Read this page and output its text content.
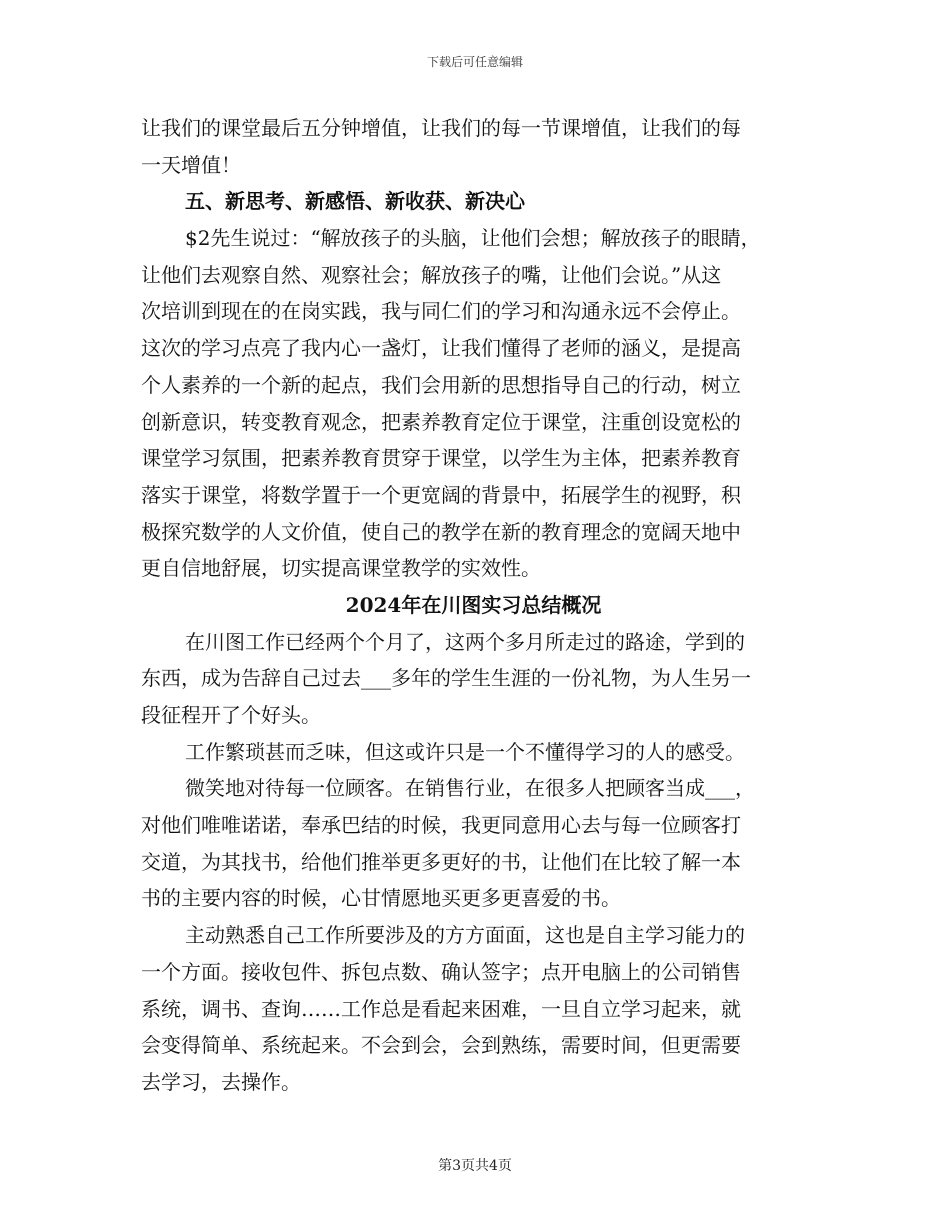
下载后可任意编辑
让我们的课堂最后五分钟增值，让我们的每一节课增值，让我们的每
一天增值！
五、新思考、新感悟、新收获、新决心
$2先生说过：“解放孩子的头脑，让他们会想；解放孩子的眼睛，
让他们去观察自然、观察社会；解放孩子的嘴，让他们会说。”从这
次培训到现在的在岗实践，我与同仁们的学习和沟通永远不会停止。
这次的学习点亮了我内心一盏灯，让我们懂得了老师的涵义，是提高
个人素养的一个新的起点，我们会用新的思想指导自己的行动，树立
创新意识，转变教育观念，把素养教育定位于课堂，注重创设宽松的
课堂学习氛围，把素养教育贯穿于课堂，以学生为主体，把素养教育
落实于课堂，将数学置于一个更宽阔的背景中，拓展学生的视野，积
极探究数学的人文价值，使自己的教学在新的教育理念的宽阔天地中
更自信地舒展，切实提高课堂教学的实效性。
2024年在川图实习总结概况
在川图工作已经两个个月了，这两个多月所走过的路途，学到的
东西，成为告辞自己过去___多年的学生生涯的一份礼物，为人生另一
段征程开了个好头。
工作繁琐甚而乏味，但这或许只是一个不懂得学习的人的感受。
微笑地对待每一位顾客。在销售行业，在很多人把顾客当成___，
对他们唯唯诺诺，奉承巴结的时候，我更同意用心去与每一位顾客打
交道，为其找书，给他们推举更多更好的书，让他们在比较了解一本
书的主要内容的时候，心甘情愿地买更多更喜爱的书。
主动熟悉自己工作所要涉及的方方面面，这也是自主学习能力的
一个方面。接收包件、拆包点数、确认签字；点开电脑上的公司销售
系统，调书、查询……工作总是看起来困难，一旦自立学习起来，就
会变得简单、系统起来。不会到会，会到熟练，需要时间，但更需要
去学习，去操作。
第3页共4页
